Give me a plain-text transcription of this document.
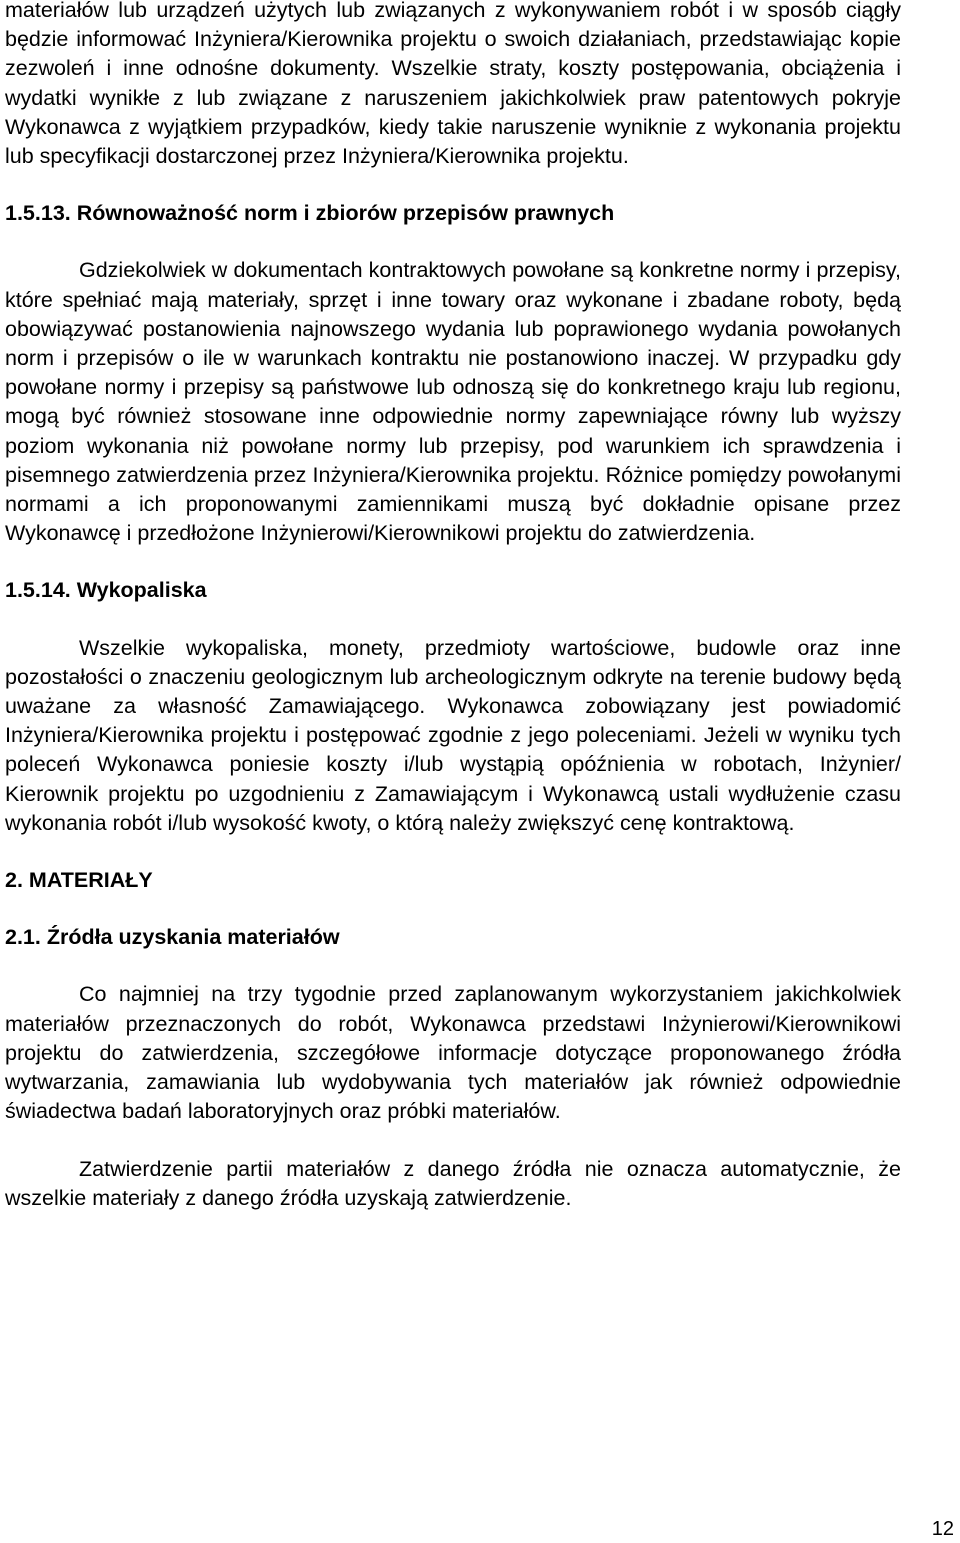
materiałów lub urządzeń użytych lub związanych z wykonywaniem robót i w sposób ciągły będzie informować Inżyniera/Kierownika projektu o swoich działaniach, przedstawiając kopie zezwoleń i inne odnośne dokumenty. Wszelkie straty, koszty postępowania, obciążenia i wydatki wynikłe z lub związane z naruszeniem jakichkolwiek praw patentowych pokryje Wykonawca z wyjątkiem przypadków, kiedy takie naruszenie wyniknie z wykonania projektu lub specyfikacji dostarczonej przez Inżyniera/Kierownika projektu.

1.5.13. Równoważność norm i zbiorów przepisów prawnych

Gdziekolwiek w dokumentach kontraktowych powołane są konkretne normy i przepisy, które spełniać mają materiały, sprzęt i inne towary oraz wykonane i zbadane roboty, będą obowiązywać postanowienia najnowszego wydania lub poprawionego wydania powołanych norm i przepisów o ile w warunkach kontraktu nie postanowiono inaczej. W przypadku gdy powołane normy i przepisy są państwowe lub odnoszą się do konkretnego kraju lub regionu, mogą być również stosowane inne odpowiednie normy zapewniające równy lub wyższy poziom wykonania niż powołane normy lub przepisy, pod warunkiem ich sprawdzenia i pisemnego zatwierdzenia przez Inżyniera/Kierownika projektu. Różnice pomiędzy powołanymi normami a ich proponowanymi zamiennikami muszą być dokładnie opisane przez Wykonawcę i przedłożone Inżynierowi/Kierownikowi projektu do zatwierdzenia.

1.5.14. Wykopaliska

Wszelkie wykopaliska, monety, przedmioty wartościowe, budowle oraz inne pozostałości o znaczeniu geologicznym lub archeologicznym odkryte na terenie budowy będą uważane za własność Zamawiającego. Wykonawca zobowiązany jest powiadomić Inżyniera/Kierownika projektu i postępować zgodnie z jego poleceniami. Jeżeli w wyniku tych poleceń Wykonawca poniesie koszty i/lub wystąpią opóźnienia w robotach, Inżynier/ Kierownik projektu po uzgodnieniu z Zamawiającym i Wykonawcą ustali wydłużenie czasu wykonania robót i/lub wysokość kwoty, o którą należy zwiększyć cenę kontraktową.

2. MATERIAŁY
2.1. Źródła uzyskania materiałów

Co najmniej na trzy tygodnie przed zaplanowanym wykorzystaniem jakichkolwiek materiałów przeznaczonych do robót, Wykonawca przedstawi Inżynierowi/Kierownikowi projektu do zatwierdzenia, szczegółowe informacje dotyczące proponowanego źródła wytwarzania, zamawiania lub wydobywania tych materiałów jak również odpowiednie świadectwa badań laboratoryjnych oraz próbki materiałów.

Zatwierdzenie partii materiałów z danego źródła nie oznacza automatycznie, że wszelkie materiały z danego źródła uzyskają zatwierdzenie.

12
